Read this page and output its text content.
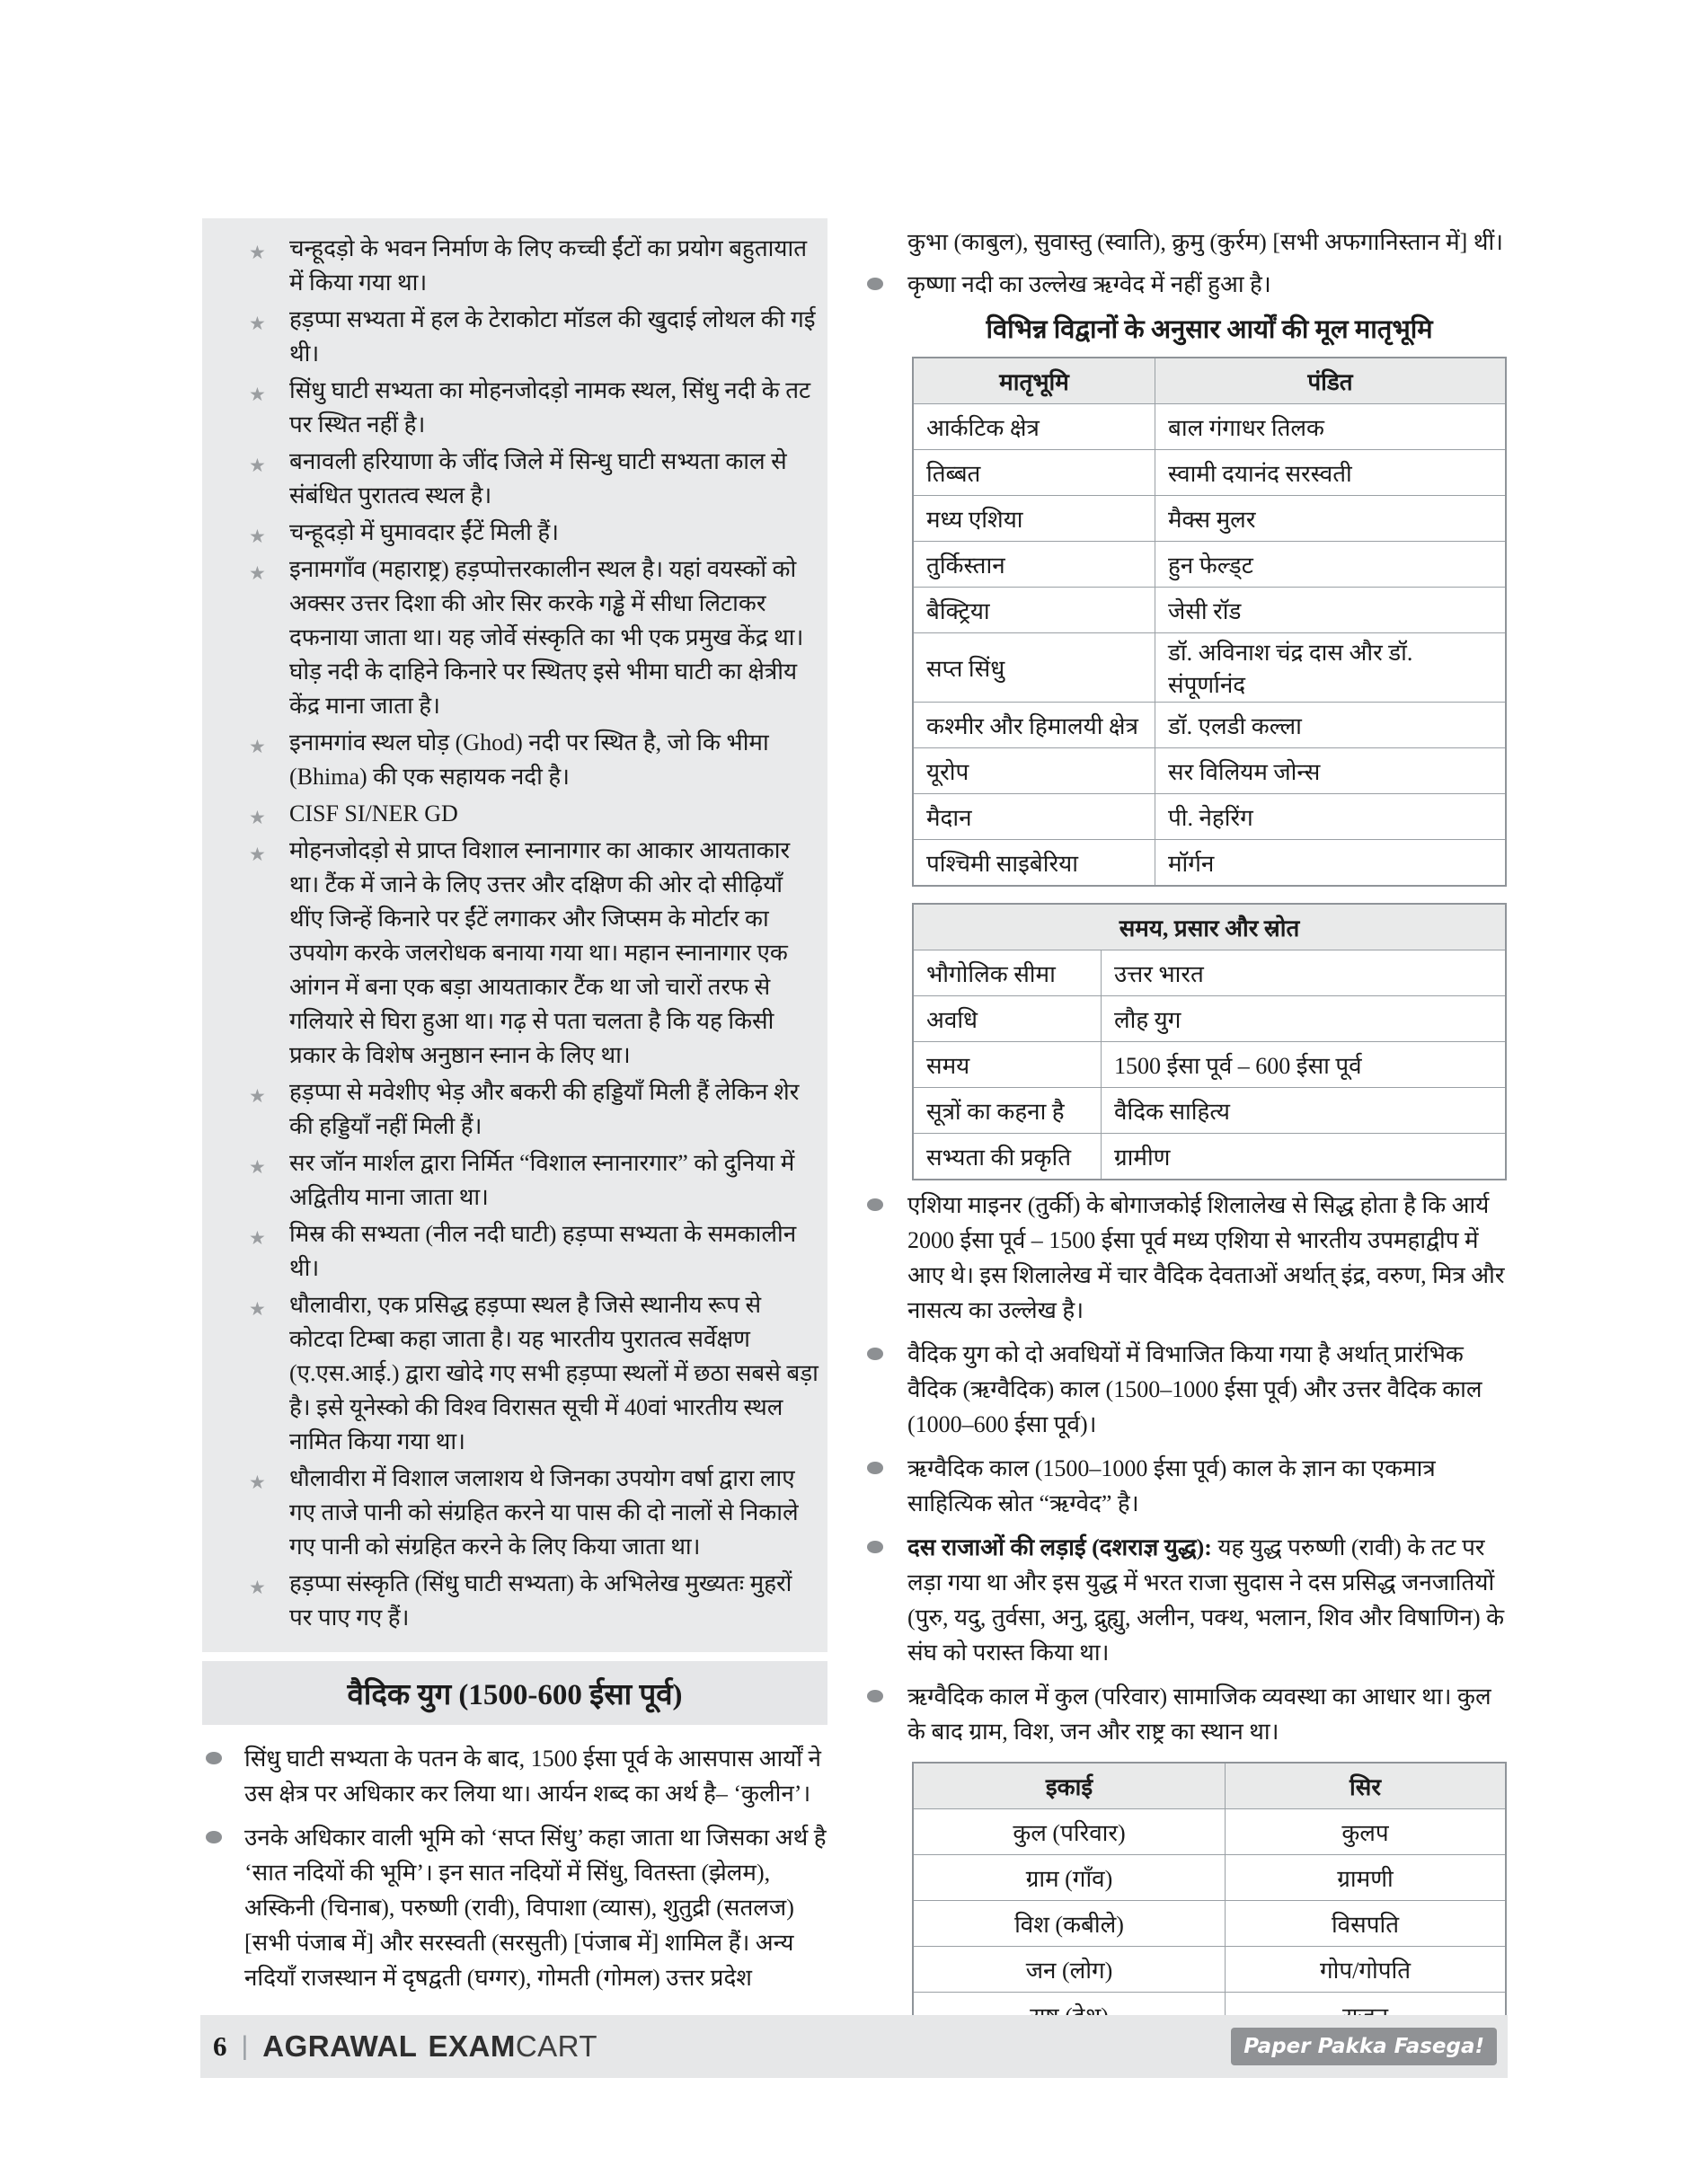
★ चन्हूदड़ो के भवन निर्माण के लिए कच्ची ईंटों का प्रयोग बहुतायात में किया गया था।
★ हड़प्पा सभ्यता में हल के टेराकोटा मॉडल की खुदाई लोथल की गई थी।
★ सिंधु घाटी सभ्यता का मोहनजोदड़ो नामक स्थल, सिंधु नदी के तट पर स्थित नहीं है।
★ बनावली हरियाणा के जींद जिले में सिन्धु घाटी सभ्यता काल से संबंधित पुरातत्व स्थल है।
★ चन्हूदड़ो में घुमावदार ईंटें मिली हैं।
★ इनामगाँव (महाराष्ट्र) हड़प्पोत्तरकालीन स्थल है। यहां वयस्कों को अक्सर उत्तर दिशा की ओर सिर करके गड्ढे में सीधा लिटाकर दफनाया जाता था। यह जोर्वे संस्कृति का भी एक प्रमुख केंद्र था। घोड़ नदी के दाहिने किनारे पर स्थितए इसे भीमा घाटी का क्षेत्रीय केंद्र माना जाता है।
★ इनामगांव स्थल घोड़ (Ghod) नदी पर स्थित है, जो कि भीमा (Bhima) की एक सहायक नदी है।
★ CISF SI/NER GD
★ मोहनजोदड़ो से प्राप्त विशाल स्नानागार का आकार आयताकार था। टैंक में जाने के लिए उत्तर और दक्षिण की ओर दो सीढ़ियाँ थींए जिन्हें किनारे पर ईंटें लगाकर और जिप्सम के मोर्टार का उपयोग करके जलरोधक बनाया गया था। महान स्नानागार एक आंगन में बना एक बड़ा आयताकार टैंक था जो चारों तरफ से गलियारे से घिरा हुआ था। गढ़ से पता चलता है कि यह किसी प्रकार के विशेष अनुष्ठान स्नान के लिए था।
★ हड़प्पा से मवेशीए भेड़ और बकरी की हड्डियाँ मिली हैं लेकिन शेर की हड्डियाँ नहीं मिली हैं।
★ सर जॉन मार्शल द्वारा निर्मित “विशाल स्नानारगार” को दुनिया में अद्वितीय माना जाता था।
★ मिस्र की सभ्यता (नील नदी घाटी) हड़प्पा सभ्यता के समकालीन थी।
★ धौलावीरा, एक प्रसिद्ध हड़प्पा स्थल है जिसे स्थानीय रूप से कोटदा टिम्बा कहा जाता है। यह भारतीय पुरातत्व सर्वेक्षण (ए.एस.आई.) द्वारा खोदे गए सभी हड़प्पा स्थलों में छठा सबसे बड़ा है। इसे यूनेस्को की विश्व विरासत सूची में 40वां भारतीय स्थल नामित किया गया था।
★ धौलावीरा में विशाल जलाशय थे जिनका उपयोग वर्षा द्वारा लाए गए ताजे पानी को संग्रहित करने या पास की दो नालों से निकाले गए पानी को संग्रहित करने के लिए किया जाता था।
★ हड़प्पा संस्कृति (सिंधु घाटी सभ्यता) के अभिलेख मुख्यतः मुहरों पर पाए गए हैं।
वैदिक युग (1500-600 ईसा पूर्व)
सिंधु घाटी सभ्यता के पतन के बाद, 1500 ईसा पूर्व के आसपास आर्यों ने उस क्षेत्र पर अधिकार कर लिया था। आर्यन शब्द का अर्थ है– ‘कुलीन’।
उनके अधिकार वाली भूमि को ‘सप्त सिंधु’ कहा जाता था जिसका अर्थ है ‘सात नदियों की भूमि’। इन सात नदियों में सिंधु, वितस्ता (झेलम), अस्किनी (चिनाब), परुष्णी (रावी), विपाशा (व्यास), शुतुद्री (सतलज) [सभी पंजाब में] और सरस्वती (सरसुती) [पंजाब में] शामिल हैं। अन्य नदियाँ राजस्थान में दृषद्वती (घग्गर), गोमती (गोमल) उत्तर प्रदेश

कुभा (काबुल), सुवास्तु (स्वाति), क्रुमु (कुर्रम) [सभी अफगानिस्तान में] थीं।

कृष्णा नदी का उल्लेख ऋग्वेद में नहीं हुआ है।
विभिन्न विद्वानों के अनुसार आर्यों की मूल मातृभूमि
मातृभूमि	पंडित
आर्कटिक क्षेत्र	बाल गंगाधर तिलक
तिब्बत	स्वामी दयानंद सरस्वती
मध्य एशिया	मैक्स मुलर
तुर्किस्तान	हुन फेल्ड्ट
बैक्ट्रिया	जेसी रॉड
सप्त सिंधु	डॉ. अविनाश चंद्र दास और डॉ. संपूर्णानंद
कश्मीर और हिमालयी क्षेत्र	डॉ. एलडी कल्ला
यूरोप	सर विलियम जोन्स
मैदान	पी. नेहरिंग
पश्चिमी साइबेरिया	मॉर्गन
समय, प्रसार और स्रोत	
भौगोलिक सीमा	उत्तर भारत
अवधि	लौह युग
समय	1500 ईसा पूर्व – 600 ईसा पूर्व
सूत्रों का कहना है	वैदिक साहित्य
सभ्यता की प्रकृति	ग्रामीण
एशिया माइनर (तुर्की) के बोगाजकोई शिलालेख से सिद्ध होता है कि आर्य 2000 ईसा पूर्व – 1500 ईसा पूर्व मध्य एशिया से भारतीय उपमहाद्वीप में आए थे। इस शिलालेख में चार वैदिक देवताओं अर्थात् इंद्र, वरुण, मित्र और नासत्य का उल्लेख है।
वैदिक युग को दो अवधियों में विभाजित किया गया है अर्थात् प्रारंभिक वैदिक (ऋग्वैदिक) काल (1500–1000 ईसा पूर्व) और उत्तर वैदिक काल (1000–600 ईसा पूर्व)।
ऋग्वैदिक काल (1500–1000 ईसा पूर्व) काल के ज्ञान का एकमात्र साहित्यिक स्रोत “ऋग्वेद” है।
दस राजाओं की लड़ाई (दशराज्ञ युद्ध): यह युद्ध परुष्णी (रावी) के तट पर लड़ा गया था और इस युद्ध में भरत राजा सुदास ने दस प्रसिद्ध जनजातियों (पुरु, यदु, तुर्वसा, अनु, द्रुह्यु, अलीन, पक्थ, भलान, शिव और विषाणिन) के संघ को परास्त किया था।
ऋग्वैदिक काल में कुल (परिवार) सामाजिक व्यवस्था का आधार था। कुल के बाद ग्राम, विश, जन और राष्ट्र का स्थान था।
इकाई	सिर
कुल (परिवार)	कुलप
ग्राम (गाँव)	ग्रामणी
विश (कबीले)	विसपति
जन (लोग)	गोप/गोपति

6 | AGRAWAL EXAM CART	Paper Pakka Fasega!
